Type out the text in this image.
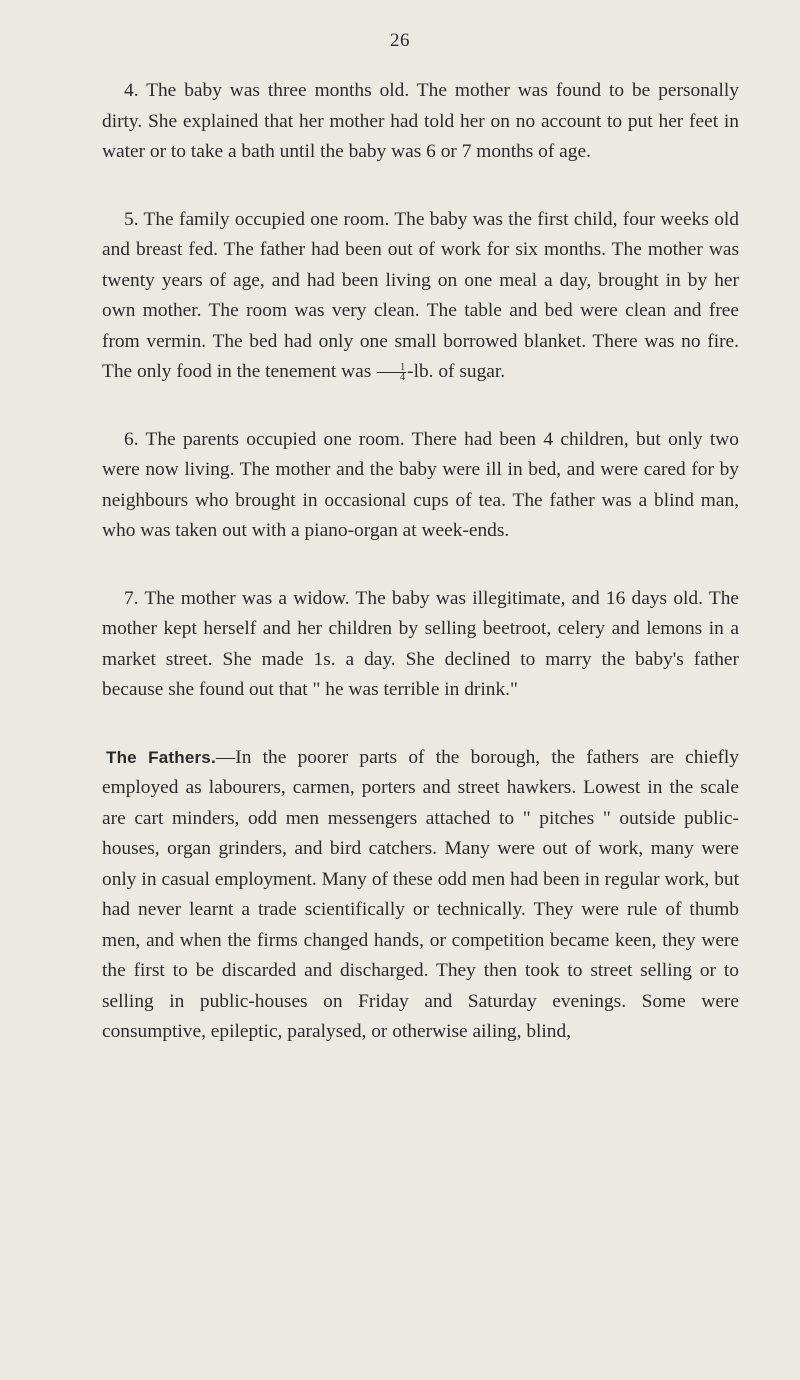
26

4. The baby was three months old. The mother was found to be personally dirty. She explained that her mother had told her on no account to put her feet in water or to take a bath until the baby was 6 or 7 months of age.

5. The family occupied one room. The baby was the first child, four weeks old and breast fed. The father had been out of work for six months. The mother was twenty years of age, and had been living on one meal a day, brought in by her own mother. The room was very clean. The table and bed were clean and free from vermin. The bed had only one small borrowed blanket. There was no fire. The only food in the tenement was $\frac{1}{4} -lb$. of sugar.

6. The parents occupied one room. There had been 4 children, but only two were now living. The mother and the baby were ill in bed, and were cared for by neighbours who brought in occasional cups of tea. The father was a blind man, who was taken out with a piano-organ at week-ends.

7. The mother was a widow. The baby was illegitimate, and 16 days old. The mother kept herself and her children by selling beetroot, celery and lemons in a market street. She made 1s. a day. She declined to marry the baby's father because she found out that " he was terrible in drink."

The Fathers.—In the poorer parts of the borough, the fathers are chiefly employed as labourers, carmen, porters and street hawkers. Lowest in the scale are cart minders, odd men messengers attached to " pitches " outside public-houses, organ grinders, and bird catchers. Many were out of work, many were only in casual employment. Many of these odd men had been in regular work, but had never learnt a trade scientifically or technically. They were rule of thumb men, and when the firms changed hands, or competition became keen, they were the first to be discarded and discharged. They then took to street selling or to selling in public-houses on Friday and Saturday evenings. Some were consumptive, epileptic, paralysed, or otherwise ailing, blind,
